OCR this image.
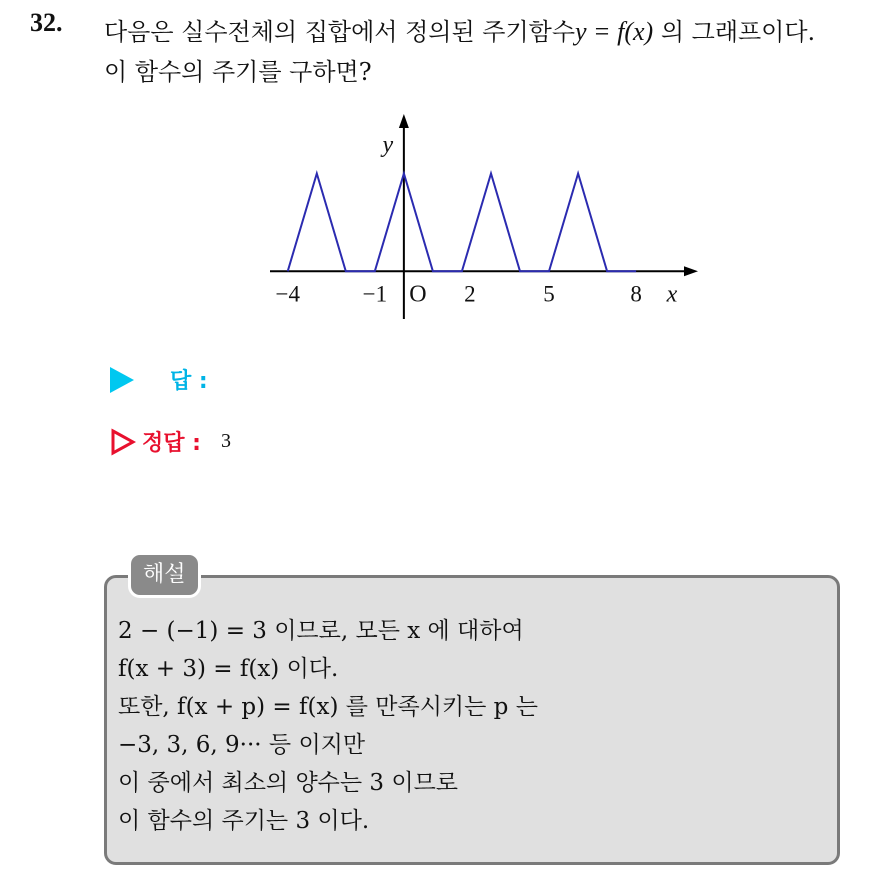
32. 다음은 실수전체의 집합에서 정의된 주기함수y = f(x) 의 그래프이다.
이 함수의 주기를 구하면?
−4	−1	2	5	8
O	x
y
답 :
정답 : 3
해설
2 − (−1) = 3 이므로, 모든 x 에 대하여
f(x + 3) = f(x) 이다.
또한, f(x + p) = f(x) 를 만족시키는 p 는
−3, 3, 6, 9··· 등 이지만
이 중에서 최소의 양수는 3 이므로
이 함수의 주기는 3 이다.
